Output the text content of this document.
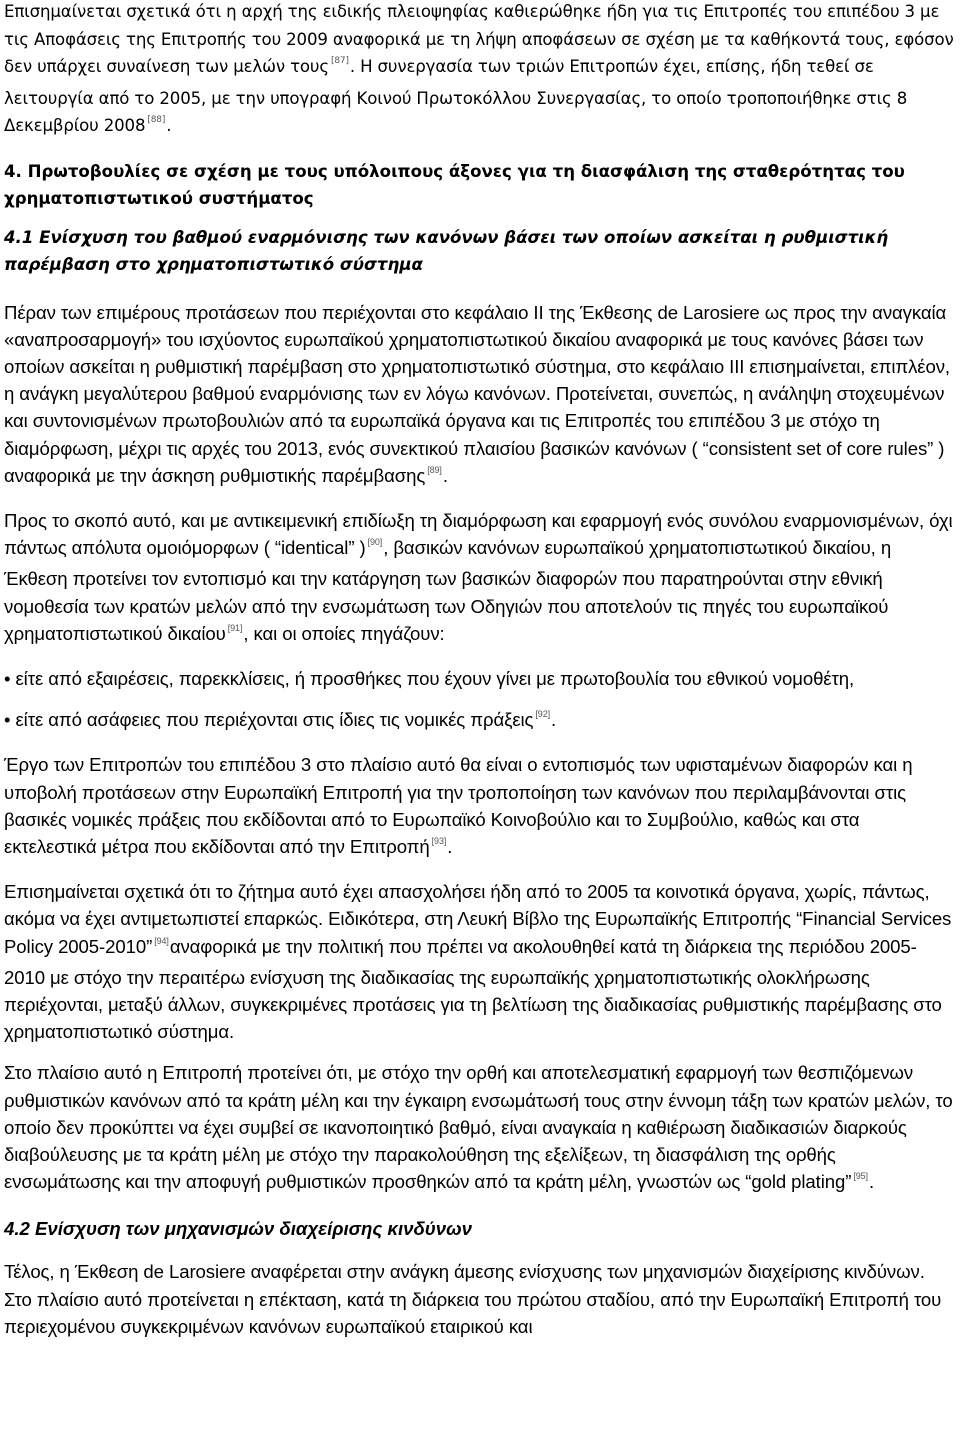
Επισημαίνεται σχετικά ότι η αρχή της ειδικής πλειοψηφίας καθιερώθηκε ήδη για τις Επιτροπές του επιπέδου 3 με τις Αποφάσεις της Επιτροπής του 2009 αναφορικά με τη λήψη αποφάσεων σε σχέση με τα καθήκοντά τους, εφόσον δεν υπάρχει συναίνεση των μελών τους [87]. Η συνεργασία των τριών Επιτροπών έχει, επίσης, ήδη τεθεί σε λειτουργία από το 2005, με την υπογραφή Κοινού Πρωτοκόλλου Συνεργασίας, το οποίο τροποποιήθηκε στις 8 Δεκεμβρίου 2008 [88].

4. Πρωτοβουλίες σε σχέση με τους υπόλοιπους άξονες για τη διασφάλιση της σταθερότητας του χρηματοπιστωτικού συστήματος
4.1 Ενίσχυση του βαθμού εναρμόνισης των κανόνων βάσει των οποίων ασκείται η ρυθμιστική παρέμβαση στο χρηματοπιστωτικό σύστημα

Πέραν των επιμέρους προτάσεων που περιέχονται στο κεφάλαιο ΙΙ της Έκθεσης de Larosiere ως προς την αναγκαία «αναπροσαρμογή» του ισχύοντος ευρωπαϊκού χρηματοπιστωτικού δικαίου αναφορικά με τους κανόνες βάσει των οποίων ασκείται η ρυθμιστική παρέμβαση στο χρηματοπιστωτικό σύστημα, στο κεφάλαιο ΙΙΙ επισημαίνεται, επιπλέον, η ανάγκη μεγαλύτερου βαθμού εναρμόνισης των εν λόγω κανόνων. Προτείνεται, συνεπώς, η ανάληψη στοχευμένων και συντονισμένων πρωτοβουλιών από τα ευρωπαϊκά όργανα και τις Επιτροπές του επιπέδου 3 με στόχο τη διαμόρφωση, μέχρι τις αρχές του 2013, ενός συνεκτικού πλαισίου βασικών κανόνων ( “consistent set of core rules” ) αναφορικά με την άσκηση ρυθμιστικής παρέμβασης [89].

Προς το σκοπό αυτό, και με αντικειμενική επιδίωξη τη διαμόρφωση και εφαρμογή ενός συνόλου εναρμονισμένων, όχι πάντως απόλυτα ομοιόμορφων ( “identical” ) [90], βασικών κανόνων ευρωπαϊκού χρηματοπιστωτικού δικαίου, η Έκθεση προτείνει τον εντοπισμό και την κατάργηση των βασικών διαφορών που παρατηρούνται στην εθνική νομοθεσία των κρατών μελών από την ενσωμάτωση των Οδηγιών που αποτελούν τις πηγές του ευρωπαϊκού χρηματοπιστωτικού δικαίου [91], και οι οποίες πηγάζουν:

• είτε από εξαιρέσεις, παρεκκλίσεις, ή προσθήκες που έχουν γίνει με πρωτοβουλία του εθνικού νομοθέτη,

• είτε από ασάφειες που περιέχονται στις ίδιες τις νομικές πράξεις [92].

Έργο των Επιτροπών του επιπέδου 3 στο πλαίσιο αυτό θα είναι ο εντοπισμός των υφισταμένων διαφορών και η υποβολή προτάσεων στην Ευρωπαϊκή Επιτροπή για την τροποποίηση των κανόνων που περιλαμβάνονται στις βασικές νομικές πράξεις που εκδίδονται από το Ευρωπαϊκό Κοινοβούλιο και το Συμβούλιο, καθώς και στα εκτελεστικά μέτρα που εκδίδονται από την Επιτροπή [93].

Επισημαίνεται σχετικά ότι το ζήτημα αυτό έχει απασχολήσει ήδη από το 2005 τα κοινοτικά όργανα, χωρίς, πάντως, ακόμα να έχει αντιμετωπιστεί επαρκώς. Ειδικότερα, στη Λευκή Βίβλο της Ευρωπαϊκής Επιτροπής “Financial Services Policy 2005-2010” [94]αναφορικά με την πολιτική που πρέπει να ακολουθηθεί κατά τη διάρκεια της περιόδου 2005-2010 με στόχο την περαιτέρω ενίσχυση της διαδικασίας της ευρωπαϊκής χρηματοπιστωτικής ολοκλήρωσης περιέχονται, μεταξύ άλλων, συγκεκριμένες προτάσεις για τη βελτίωση της διαδικασίας ρυθμιστικής παρέμβασης στο χρηματοπιστωτικό σύστημα.

Στο πλαίσιο αυτό η Επιτροπή προτείνει ότι, με στόχο την ορθή και αποτελεσματική εφαρμογή των θεσπιζόμενων ρυθμιστικών κανόνων από τα κράτη μέλη και την έγκαιρη ενσωμάτωσή τους στην έννομη τάξη των κρατών μελών, το οποίο δεν προκύπτει να έχει συμβεί σε ικανοποιητικό βαθμό, είναι αναγκαία η καθιέρωση διαδικασιών διαρκούς διαβούλευσης με τα κράτη μέλη με στόχο την παρακολούθηση της εξελίξεων, τη διασφάλιση της ορθής ενσωμάτωσης και την αποφυγή ρυθμιστικών προσθηκών από τα κράτη μέλη, γνωστών ως “gold plating” [95].

4.2 Ενίσχυση των μηχανισμών διαχείρισης κινδύνων

Τέλος, η Έκθεση de Larosiere αναφέρεται στην ανάγκη άμεσης ενίσχυσης των μηχανισμών διαχείρισης κινδύνων. Στο πλαίσιο αυτό προτείνεται η επέκταση, κατά τη διάρκεια του πρώτου σταδίου, από την Ευρωπαϊκή Επιτροπή του περιεχομένου συγκεκριμένων κανόνων ευρωπαϊκού εταιρικού και
